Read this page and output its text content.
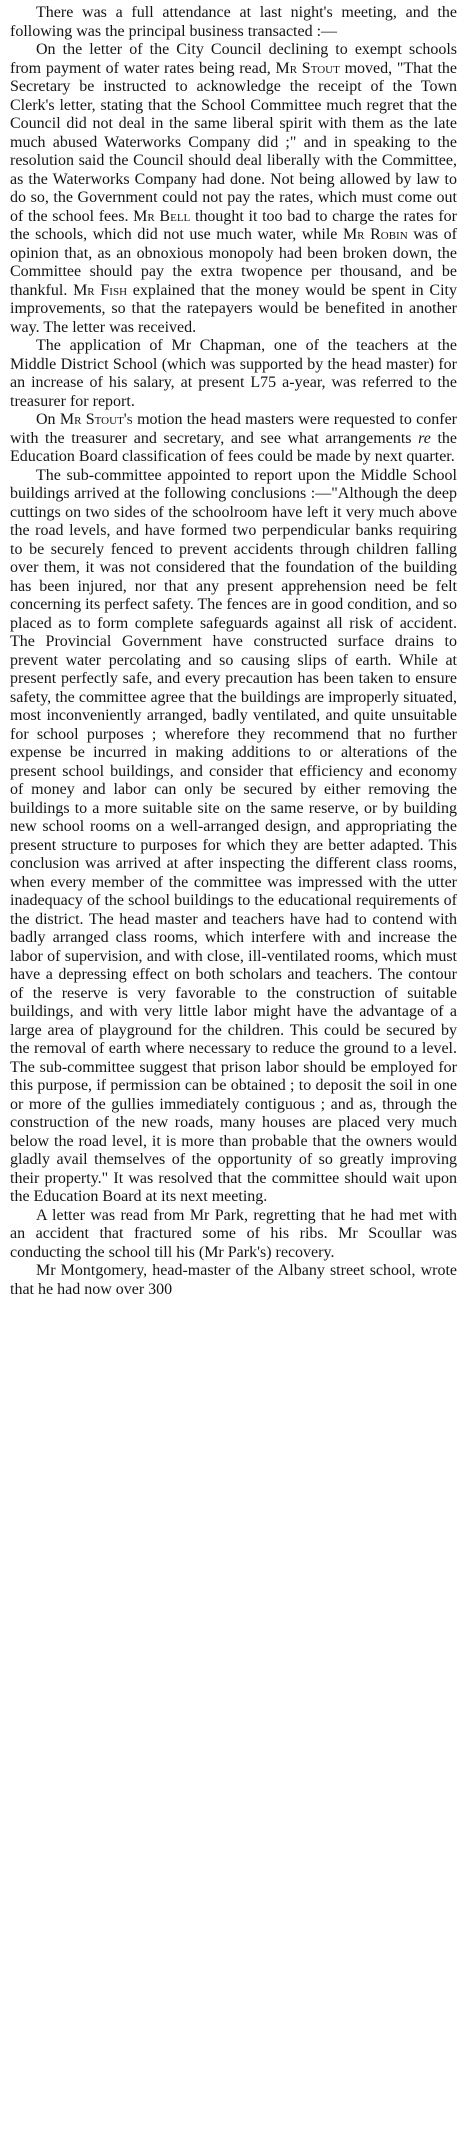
There was a full attendance at last night's meeting, and the following was the principal business transacted :—

On the letter of the City Council declining to exempt schools from payment of water rates being read, Mr Stout moved, "That the Secretary be instructed to acknowledge the receipt of the Town Clerk's letter, stating that the School Committee much regret that the Council did not deal in the same liberal spirit with them as the late much abused Waterworks Company did ;" and in speaking to the resolution said the Council should deal liberally with the Committee, as the Waterworks Company had done. Not being allowed by law to do so, the Government could not pay the rates, which must come out of the school fees. Mr Bell thought it too bad to charge the rates for the schools, which did not use much water, while Mr Robin was of opinion that, as an obnoxious monopoly had been broken down, the Committee should pay the extra twopence per thousand, and be thankful. Mr Fish explained that the money would be spent in City improvements, so that the ratepayers would be benefited in another way. The letter was received.

The application of Mr Chapman, one of the teachers at the Middle District School (which was supported by the head master) for an increase of his salary, at present L75 a-year, was referred to the treasurer for report.

On Mr Stout's motion the head masters were requested to confer with the treasurer and secretary, and see what arrangements re the Education Board classification of fees could be made by next quarter.

The sub-committee appointed to report upon the Middle School buildings arrived at the following conclusions :—"Although the deep cuttings on two sides of the schoolroom have left it very much above the road levels, and have formed two perpendicular banks requiring to be securely fenced to prevent accidents through children falling over them, it was not considered that the foundation of the building has been injured, nor that any present apprehension need be felt concerning its perfect safety. The fences are in good condition, and so placed as to form complete safeguards against all risk of accident. The Provincial Government have constructed surface drains to prevent water percolating and so causing slips of earth. While at present perfectly safe, and every precaution has been taken to ensure safety, the committee agree that the buildings are improperly situated, most inconveniently arranged, badly ventilated, and quite unsuitable for school purposes ; wherefore they recommend that no further expense be incurred in making additions to or alterations of the present school buildings, and consider that efficiency and economy of money and labor can only be secured by either removing the buildings to a more suitable site on the same reserve, or by building new school rooms on a well-arranged design, and appropriating the present structure to purposes for which they are better adapted. This conclusion was arrived at after inspecting the different class rooms, when every member of the committee was impressed with the utter inadequacy of the school buildings to the educational requirements of the district. The head master and teachers have had to contend with badly arranged class rooms, which interfere with and increase the labor of supervision, and with close, ill-ventilated rooms, which must have a depressing effect on both scholars and teachers. The contour of the reserve is very favorable to the construction of suitable buildings, and with very little labor might have the advantage of a large area of playground for the children. This could be secured by the removal of earth where necessary to reduce the ground to a level. The sub-committee suggest that prison labor should be employed for this purpose, if permission can be obtained ; to deposit the soil in one or more of the gullies immediately contiguous ; and as, through the construction of the new roads, many houses are placed very much below the road level, it is more than probable that the owners would gladly avail themselves of the opportunity of so greatly improving their property." It was resolved that the committee should wait upon the Education Board at its next meeting.

A letter was read from Mr Park, regretting that he had met with an accident that fractured some of his ribs. Mr Scoullar was conducting the school till his (Mr Park's) recovery.

Mr Montgomery, head-master of the Albany street school, wrote that he had now over 300
